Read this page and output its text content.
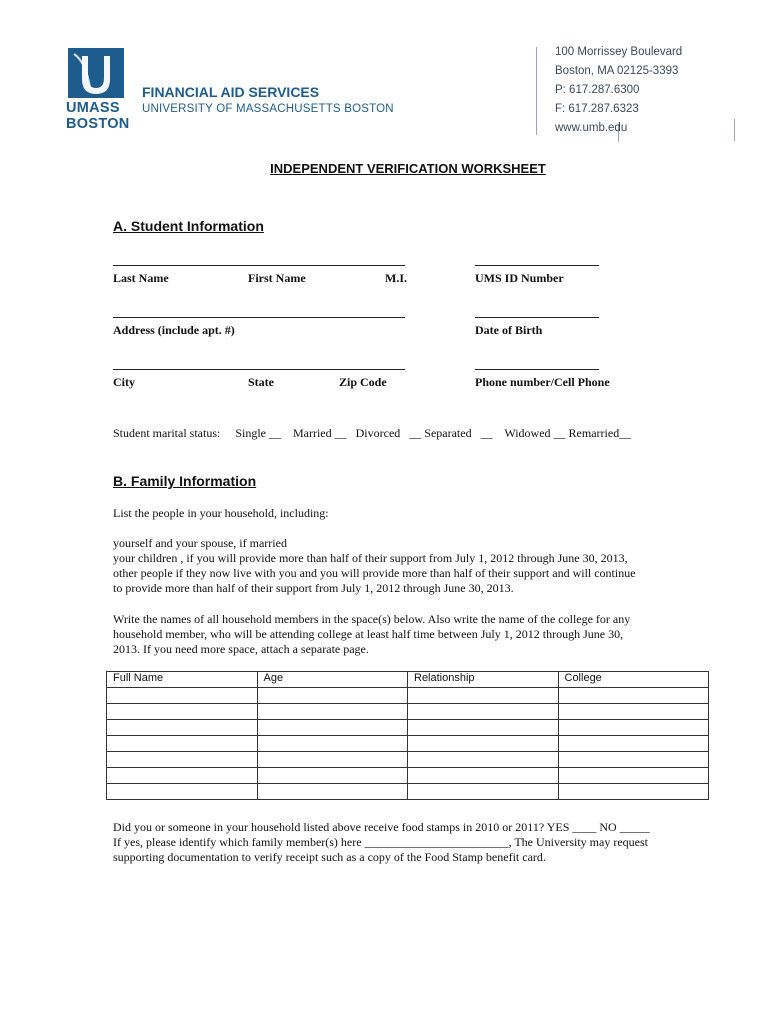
UMASS
BOSTON
FINANCIAL AID SERVICES
UNIVERSITY OF MASSACHUSETTS BOSTON
100 Morrissey Boulevard
Boston, MA 02125-3393
P: 617.287.6300
F: 617.287.6323
www.umb.edu
INDEPENDENT VERIFICATION WORKSHEET
A. Student Information
Last Name	First Name	M.I.	UMS ID Number
Address (include apt. #)	Date of Birth
City	State	Zip Code	Phone number/Cell Phone
Student marital status:     Single __    Married __   Divorced   __ Separated   __    Widowed __ Remarried__
B. Family Information
List the people in your household, including:
yourself and your spouse, if married
your children , if you will provide more than half of their support from July 1, 2012 through June 30, 2013,
other people if they now live with you and you will provide more than half of their support and will continue
to provide more than half of their support from July 1, 2012 through June 30, 2013.
Write the names of all household members in the space(s) below. Also write the name of the college for any
household member, who will be attending college at least half time between July 1, 2012 through June 30,
2013. If you need more space, attach a separate page.
Full Name	Age	Relationship	College

Did you or someone in your household listed above receive food stamps in 2010 or 2011? YES ____ NO _____
If yes, please identify which family member(s) here ________________________, The University may request
supporting documentation to verify receipt such as a copy of the Food Stamp benefit card.
